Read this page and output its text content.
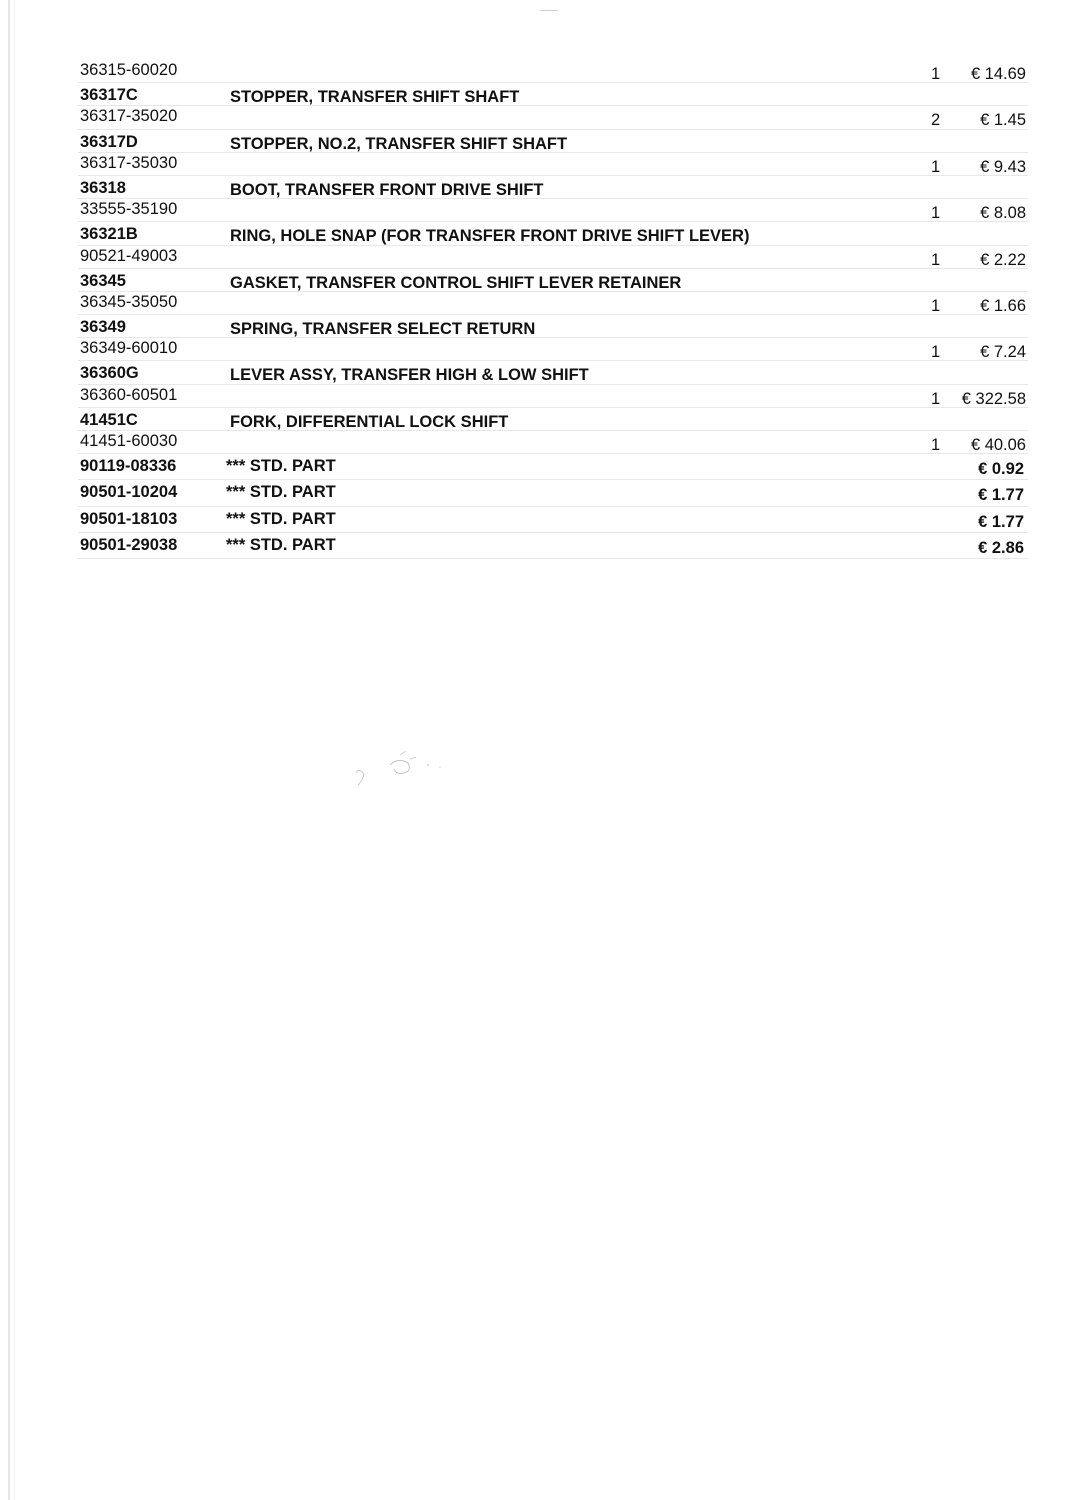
36315-60020	1 € 14.69
36317C	STOPPER, TRANSFER SHIFT SHAFT
36317-35020	2 € 1.45
36317D	STOPPER, NO.2, TRANSFER SHIFT SHAFT
36317-35030	1 € 9.43
36318	BOOT, TRANSFER FRONT DRIVE SHIFT
33555-35190	1 € 8.08
36321B	RING, HOLE SNAP (FOR TRANSFER FRONT DRIVE SHIFT LEVER)
90521-49003	1 € 2.22
36345	GASKET, TRANSFER CONTROL SHIFT LEVER RETAINER
36345-35050	1 € 1.66
36349	SPRING, TRANSFER SELECT RETURN
36349-60010	1 € 7.24
36360G	LEVER ASSY, TRANSFER HIGH & LOW SHIFT
36360-60501	1 € 322.58
41451C	FORK, DIFFERENTIAL LOCK SHIFT
41451-60030	1 € 40.06
90119-08336	*** STD. PART	€ 0.92
90501-10204	*** STD. PART	€ 1.77
90501-18103	*** STD. PART	€ 1.77
90501-29038	*** STD. PART	€ 2.86
